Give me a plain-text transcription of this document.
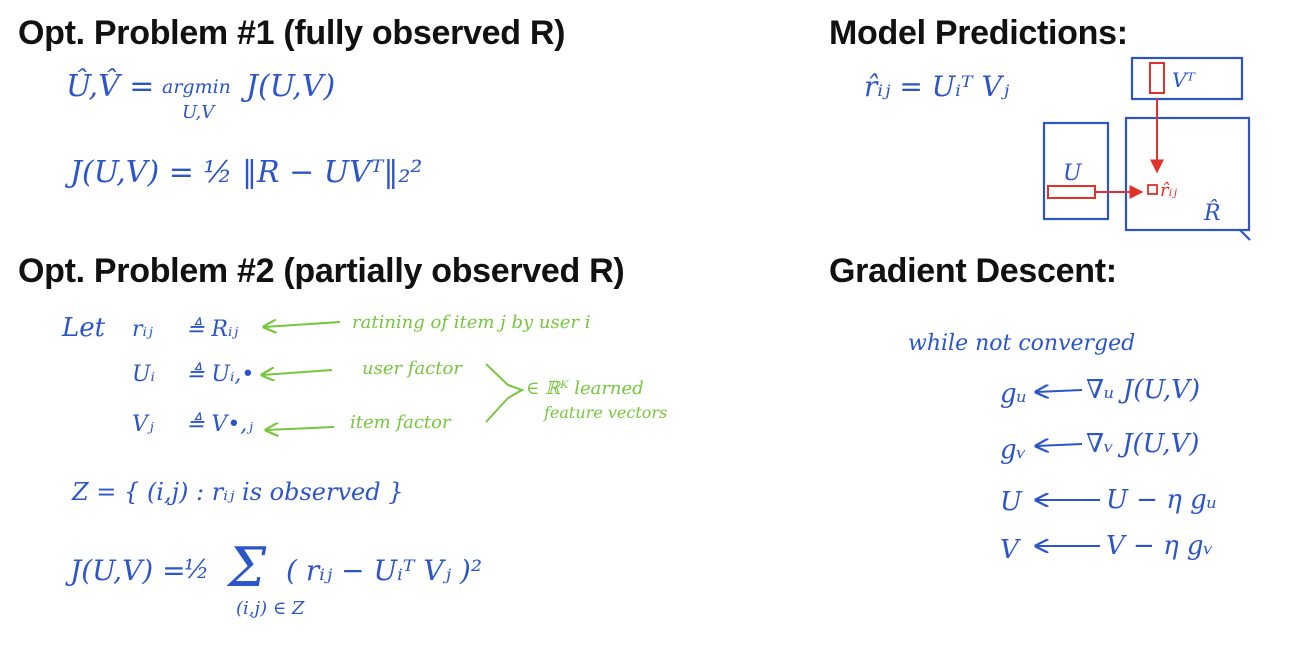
Opt. Problem #1 (fully observed R)	Model Predictions:
Opt. Problem #2 (partially observed R)	Gradient Descent:
Û,V̂ = argmin
U,V
J(U,V)
J(U,V) = ½ ‖R − UVᵀ‖₂²
r̂ᵢⱼ = Uᵢᵀ Vⱼ	Vᵀ
U
R̂
r̂ᵢⱼ
Let rᵢⱼ ≜ Rᵢⱼ	ratining of item j by user i
Uᵢ ≜ Uᵢ,•	user factor
Vⱼ ≜ V•,ⱼ	item factor
∈ ℝᴷ learned
feature vectors
Z = { (i,j) : rᵢⱼ is observed }
J(U,V) =
½ Σ ( rᵢⱼ − Uᵢᵀ Vⱼ )²
(i,j) ∈ Z
while not converged
gᵤ ∇ᵤ J(U,V)
gᵥ ∇ᵥ J(U,V)
U	U − η gᵤ
V	V − η gᵥ
